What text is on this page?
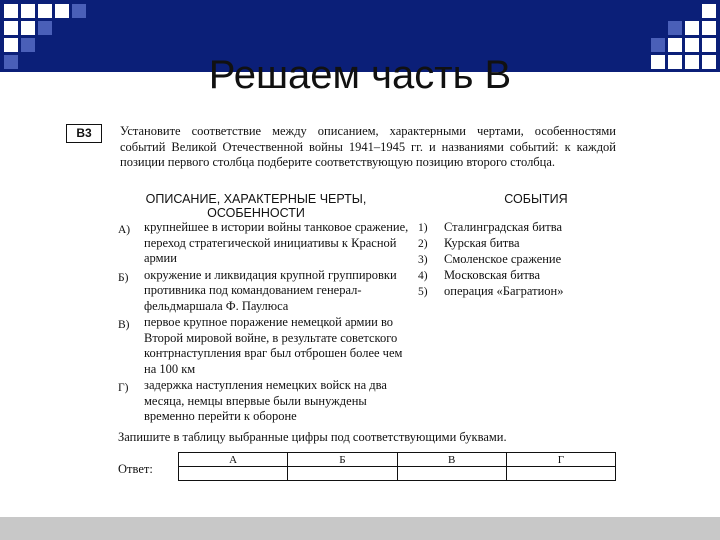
Решаем часть B
B3	Установите соответствие между описанием, характерными чертами, особенностями событий Великой Отечественной войны 1941–1945 гг. и названиями событий: к каждой позиции первого столбца подберите соответствующую позицию второго столбца.
ОПИСАНИЕ, ХАРАКТЕРНЫЕ ЧЕРТЫ, ОСОБЕННОСТИ
СОБЫТИЯ
А) крупнейшее в истории войны танковое сражение, переход стратегической инициативы к Красной армии
Б) окружение и ликвидация крупной группировки противника под командованием генерал-фельдмаршала Ф. Паулюса
В) первое крупное поражение немецкой армии во Второй мировой войне, в результате советского контрнаступления враг был отброшен более чем на 100 км
Г) задержка наступления немецких войск на два месяца, немцы впервые были вынуждены временно перейти к обороне
1) Сталинградская битва
2) Курская битва
3) Смоленское сражение
4) Московская битва
5) операция «Багратион»
Запишите в таблицу выбранные цифры под соответствующими буквами.
Ответ:
А	Б	В	Г
